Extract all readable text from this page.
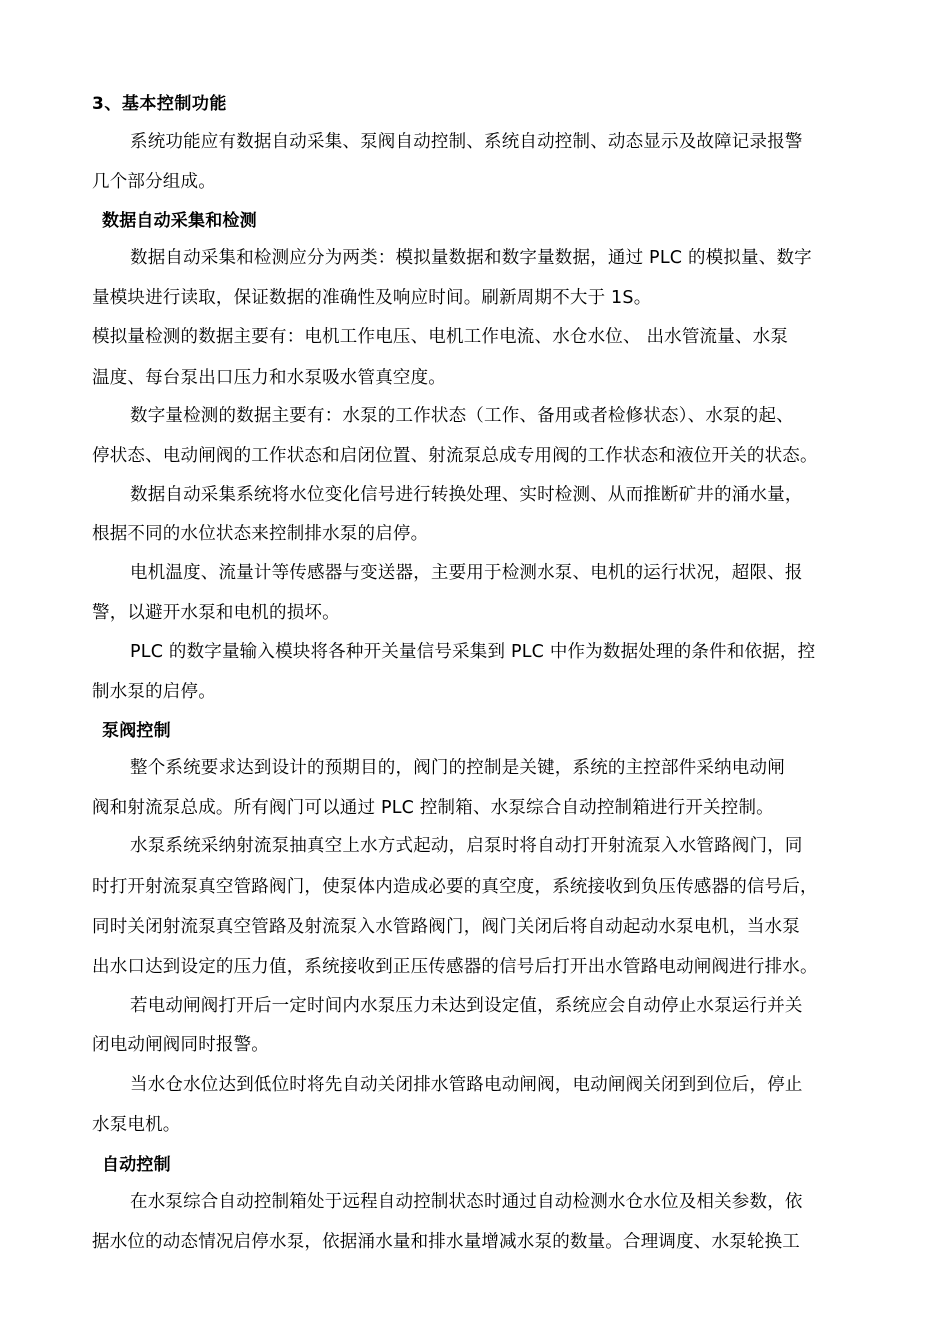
3、基本控制功能
系统功能应有数据自动采集、泵阀自动控制、系统自动控制、动态显示及故障记录报警
几个部分组成。
数据自动采集和检测
数据自动采集和检测应分为两类：模拟量数据和数字量数据，通过 PLC 的模拟量、数字
量模块进行读取，保证数据的准确性及响应时间。刷新周期不大于 1S。
模拟量检测的数据主要有：电机工作电压、电机工作电流、水仓水位、 出水管流量、水泵
温度、每台泵出口压力和水泵吸水管真空度。
数字量检测的数据主要有：水泵的工作状态（工作、备用或者检修状态）、水泵的起、
停状态、电动闸阀的工作状态和启闭位置、射流泵总成专用阀的工作状态和液位开关的状态。
数据自动采集系统将水位变化信号进行转换处理、实时检测、从而推断矿井的涌水量，
根据不同的水位状态来控制排水泵的启停。
电机温度、流量计等传感器与变送器，主要用于检测水泵、电机的运行状况，超限、报
警，以避开水泵和电机的损坏。
PLC 的数字量输入模块将各种开关量信号采集到 PLC 中作为数据处理的条件和依据，控
制水泵的启停。
泵阀控制
整个系统要求达到设计的预期目的，阀门的控制是关键，系统的主控部件采纳电动闸
阀和射流泵总成。所有阀门可以通过 PLC 控制箱、水泵综合自动控制箱进行开关控制。
水泵系统采纳射流泵抽真空上水方式起动，启泵时将自动打开射流泵入水管路阀门，同
时打开射流泵真空管路阀门，使泵体内造成必要的真空度，系统接收到负压传感器的信号后，
同时关闭射流泵真空管路及射流泵入水管路阀门，阀门关闭后将自动起动水泵电机，当水泵
出水口达到设定的压力值，系统接收到正压传感器的信号后打开出水管路电动闸阀进行排水。
若电动闸阀打开后一定时间内水泵压力未达到设定值，系统应会自动停止水泵运行并关
闭电动闸阀同时报警。
当水仓水位达到低位时将先自动关闭排水管路电动闸阀，电动闸阀关闭到到位后，停止
水泵电机。
自动控制
在水泵综合自动控制箱处于远程自动控制状态时通过自动检测水仓水位及相关参数，依
据水位的动态情况启停水泵，依据涌水量和排水量增减水泵的数量。合理调度、水泵轮换工
